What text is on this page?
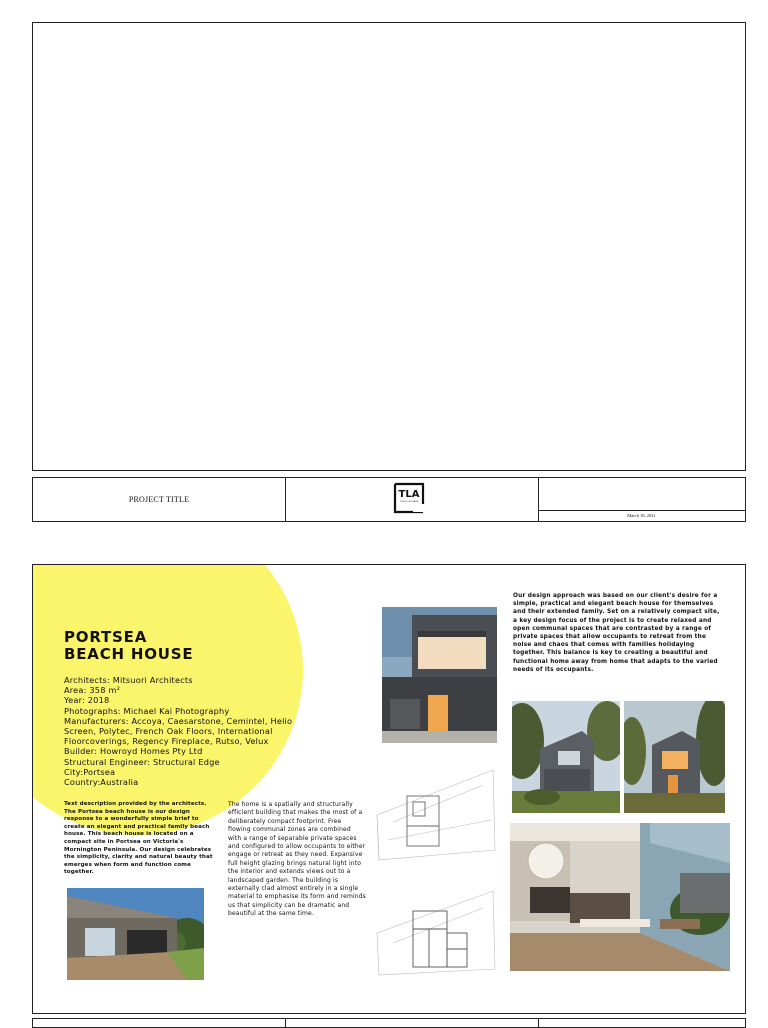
PROJECT TITLE	TLA
YOUR LOGO HERE
March 18, 2021
PORTSEA
BEACH HOUSE
Architects: Mitsuori Architects
Area: 358 m²
Year: 2018
Photographs: Michael Kai Photography
Manufacturers: Accoya, Caesarstone, Cemintel, Helio
Screen, Polytec, French Oak Floors, International
Floorcoverings, Regency Fireplace, Rutso, Velux
Builder: Howroyd Homes Pty Ltd
Structural Engineer: Structural Edge
City:Portsea
Country:Australia
Text description provided by the architects. The Portsea beach house is our design response to a wonderfully simple brief to create an elegant and practical family beach house. This beach house is located on a compact site in Portsea on Victoria's Mornington Peninsula. Our design celebrates the simplicity, clarity and natural beauty that emerges when form and function come together.
The home is a spatially and structurally efficient building that makes the most of a deliberately compact footprint. Free flowing communal zones are combined with a range of separable private spaces and configured to allow occupants to either engage or retreat as they need. Expansive full height glazing brings natural light into the interior and extends views out to a landscaped garden. The building is externally clad almost entirely in a single material to emphasise its form and reminds us that simplicity can be dramatic and beautiful at the same time.
Our design approach was based on our client's desire for a simple, practical and elegant beach house for themselves and their extended family. Set on a relatively compact site, a key design focus of the project is to create relaxed and open communal spaces that are contrasted by a range of private spaces that allow occupants to retreat from the noise and chaos that comes with families holidaying together. This balance is key to creating a beautiful and functional home away from home that adapts to the varied needs of its occupants.
